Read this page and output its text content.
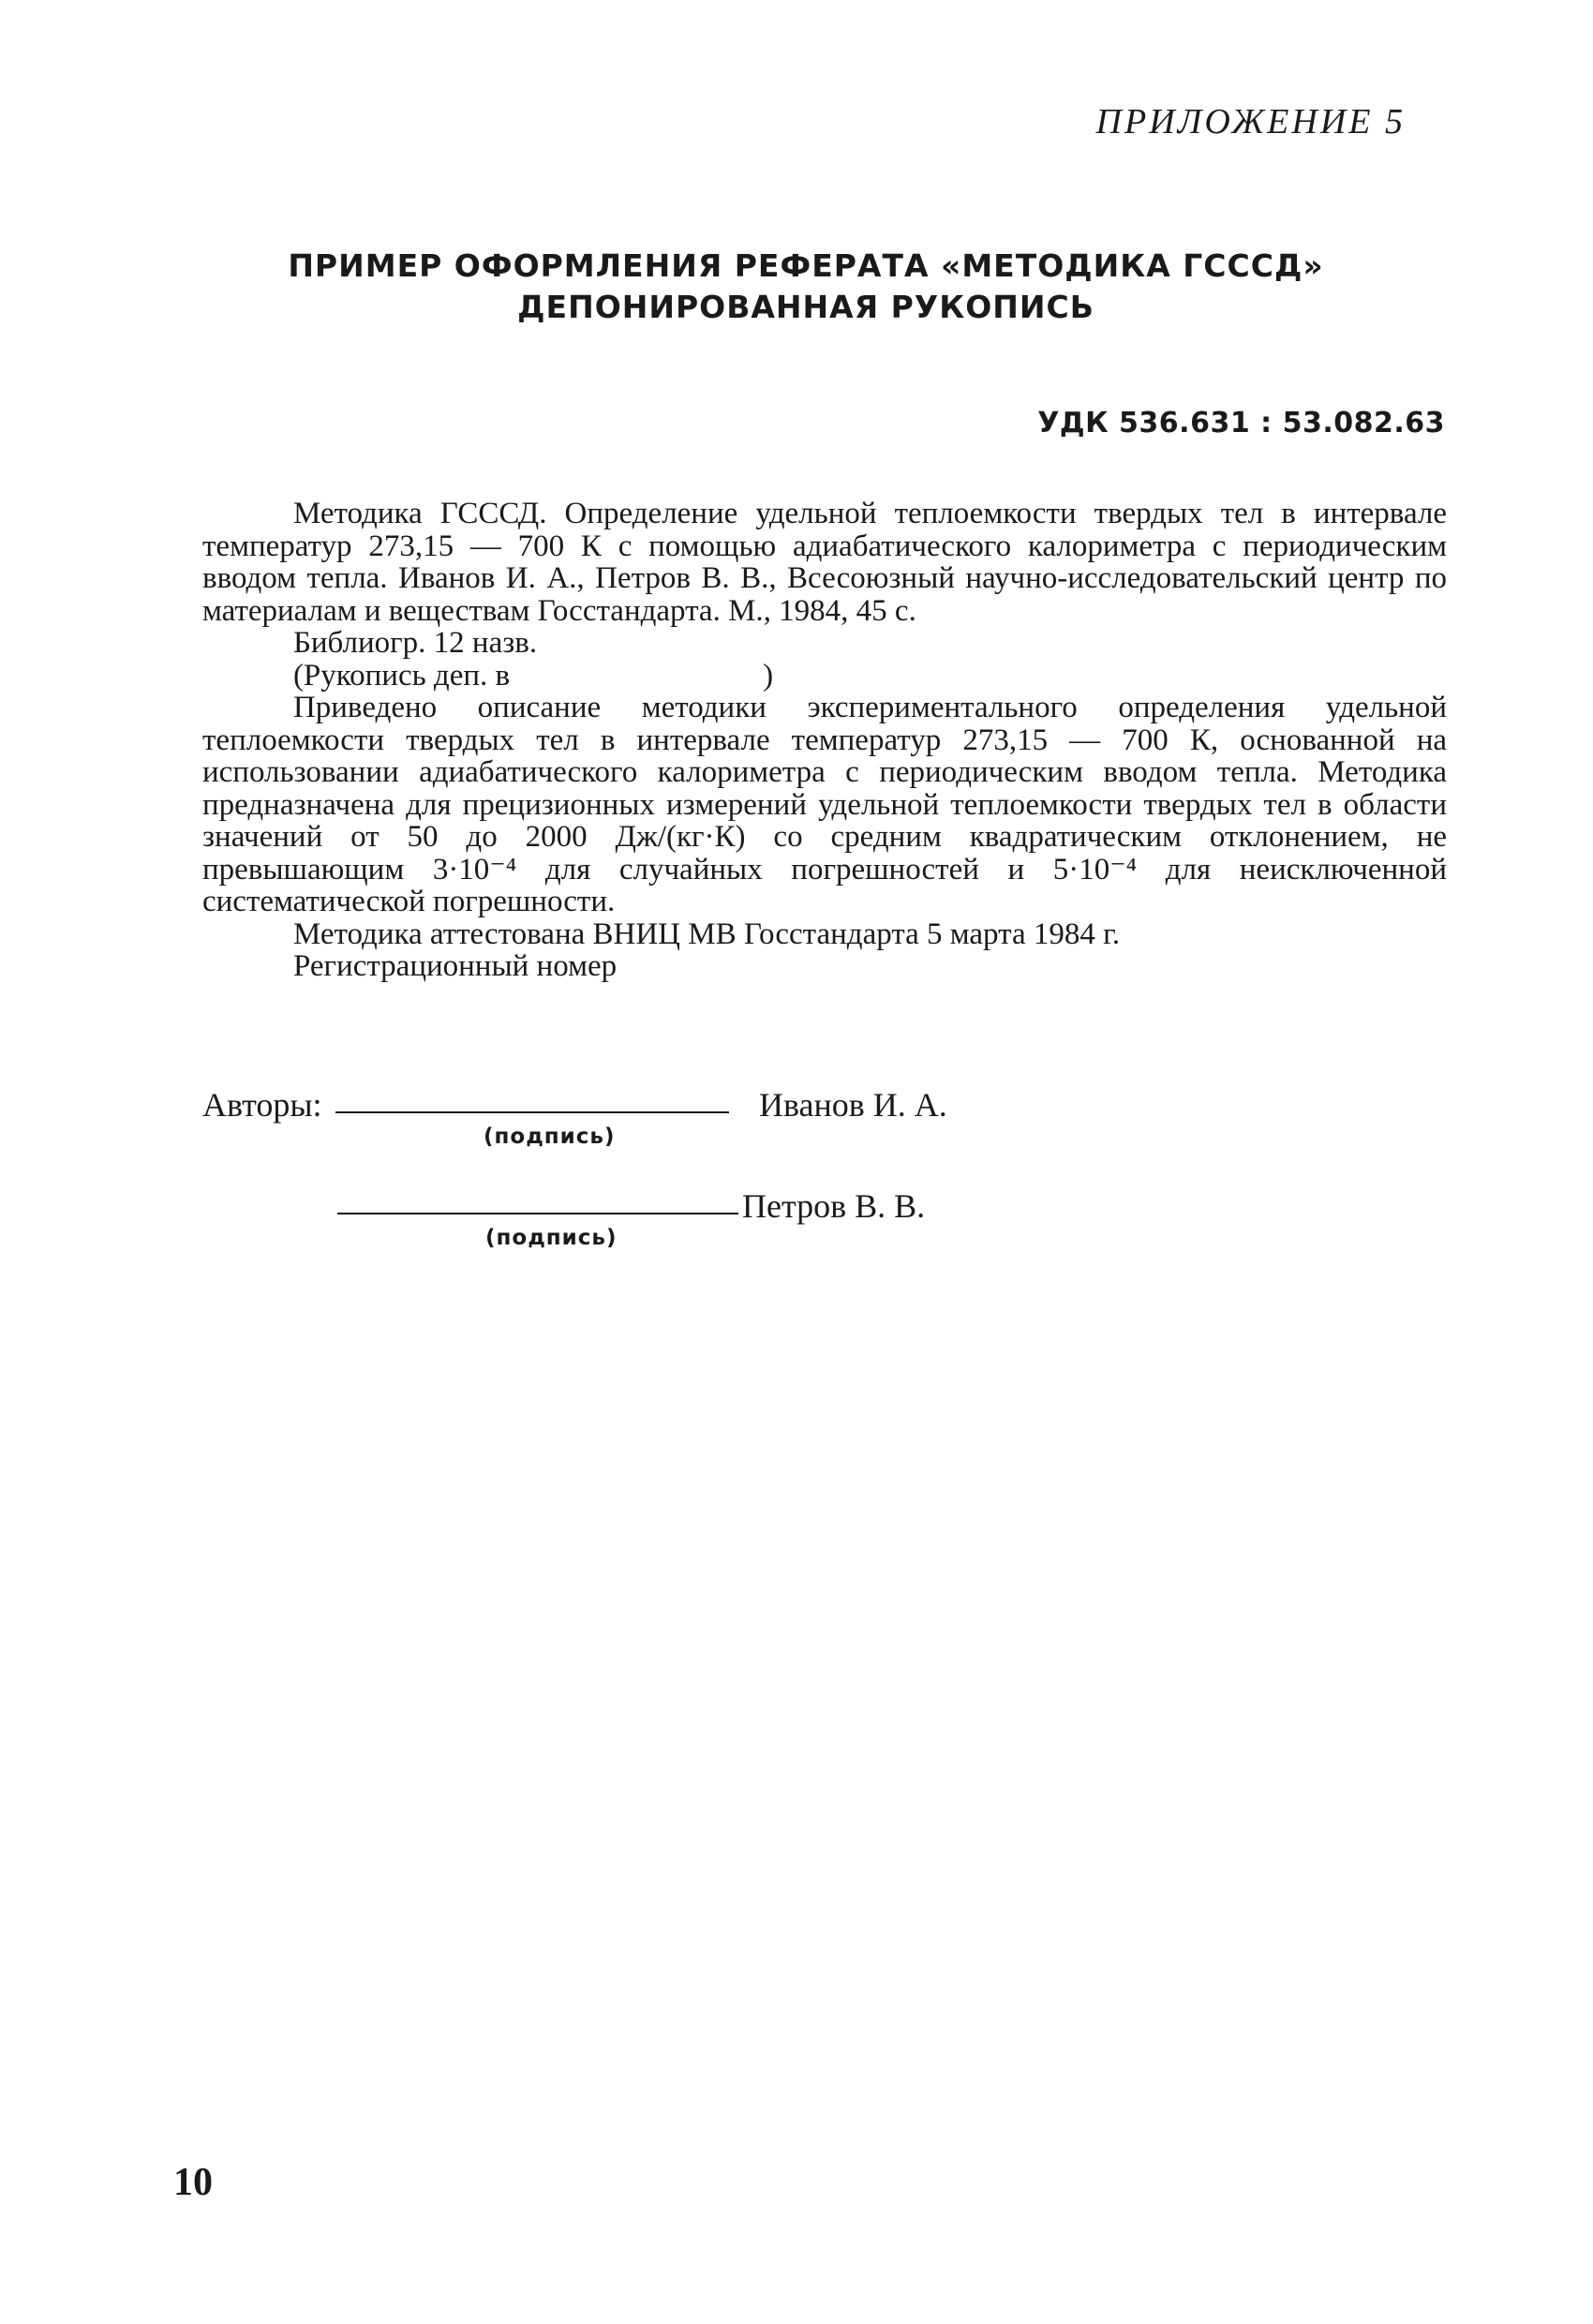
ПРИЛОЖЕНИЕ 5
ПРИМЕР ОФОРМЛЕНИЯ РЕФЕРАТА «МЕТОДИКА ГСССД»
ДЕПОНИРОВАННАЯ РУКОПИСЬ
УДК 536.631 : 53.082.63

Методика ГСССД. Определение удельной теплоемкости твердых тел в интервале температур 273,15 — 700 К с помощью адиабатического калориметра с периодическим вводом тепла. Иванов И. А., Петров В. В., Всесоюзный научно-исследовательский центр по материалам и веществам Госстандарта. М., 1984, 45 с.

Библиогр. 12 назв.

(Рукопись деп. в	)

Приведено описание методики экспериментального определения удельной теплоемкости твердых тел в интервале температур 273,15 — 700 К, основанной на использовании адиабатического калориметра с периодическим вводом тепла. Методика предназначена для прецизионных измерений удельной теплоемкости твердых тел в области значений от 50 до 2000 Дж/(кг·К) со средним квадратическим отклонением, не превышающим 3·10⁻⁴ для случайных погрешностей и 5·10⁻⁴ для неисключенной систематической погрешности.

Методика аттестована ВНИЦ МВ Госстандарта 5 марта 1984 г.

Регистрационный номер

Авторы:
(подпись)
Иванов И. А.
(подпись)
Петров В. В.
10
